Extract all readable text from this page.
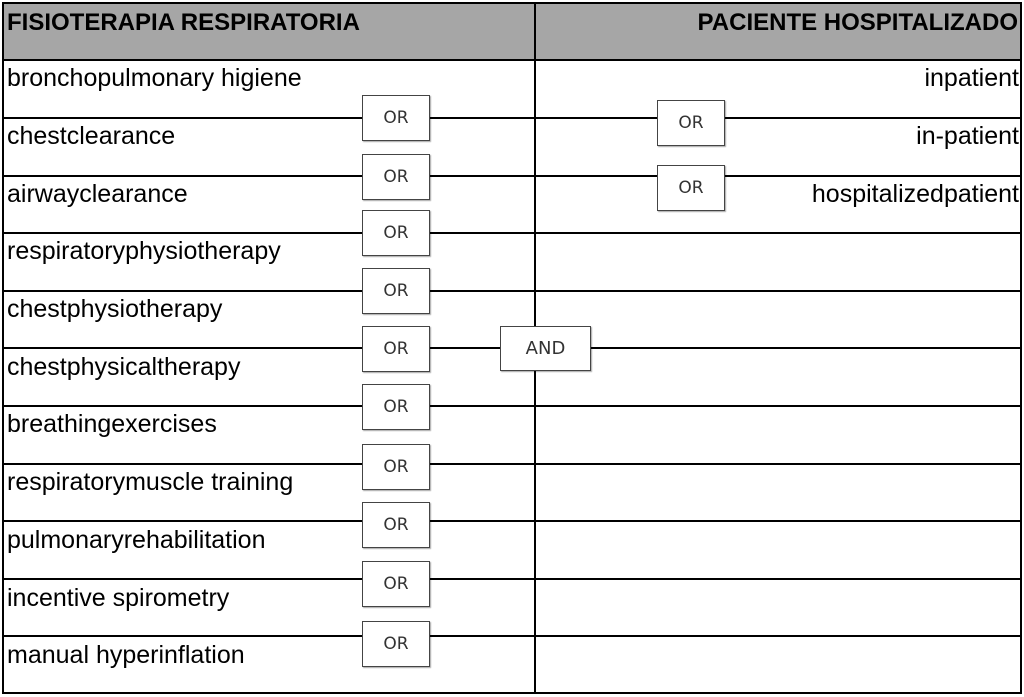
FISIOTERAPIA RESPIRATORIA	PACIENTE HOSPITALIZADO
bronchopulmonary higiene
chestclearance
airwayclearance
respiratoryphysiotherapy
chestphysiotherapy
chestphysicaltherapy
breathingexercises
respiratorymuscle training
pulmonaryrehabilitation
incentive spirometry
manual hyperinflation
inpatient
in-patient
hospitalizedpatient
OR
OR
OR
OR
OR
OR
OR
OR
OR
OR
OR
OR
AND
